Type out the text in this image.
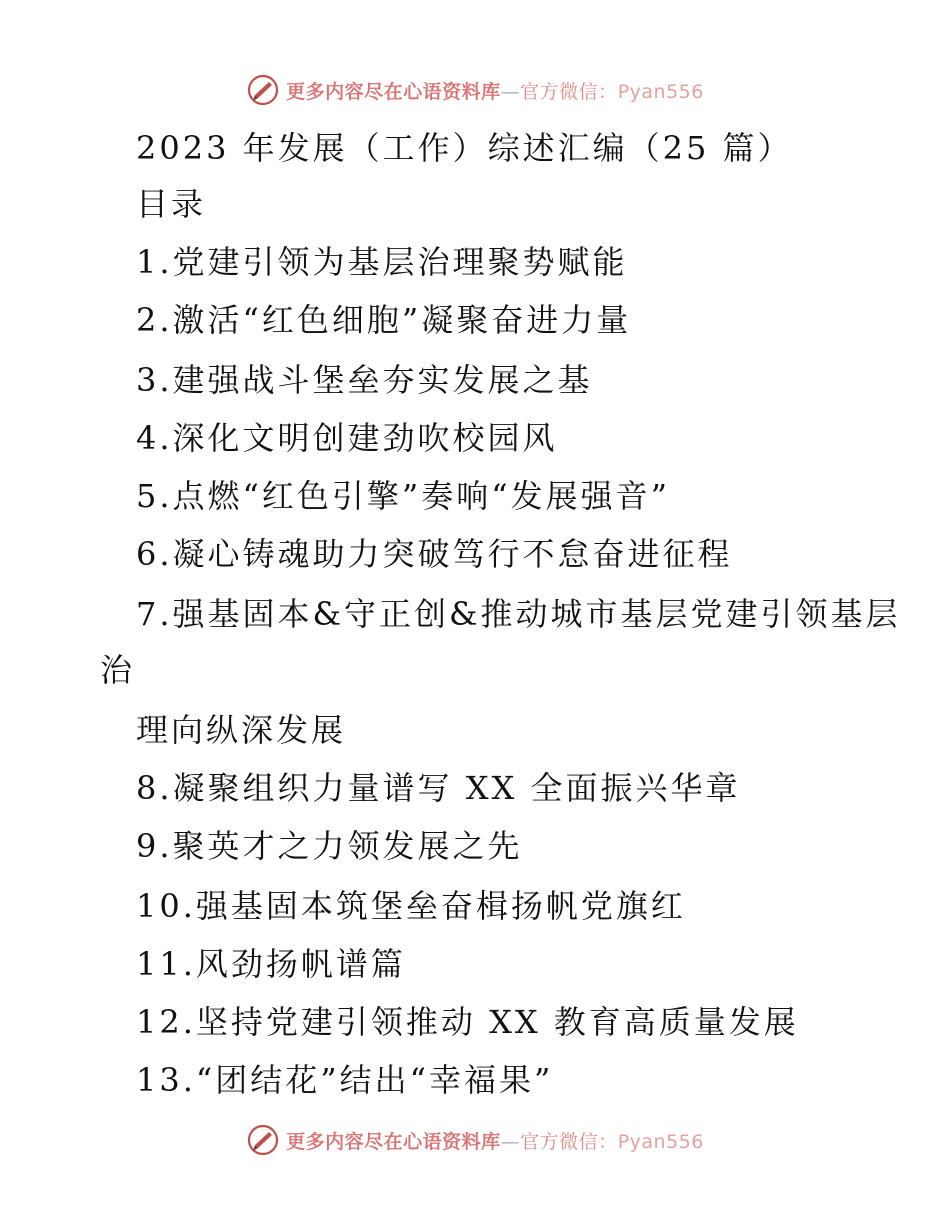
更多内容尽在心语资料库—官方微信：Pyan556
2023 年发展（工作）综述汇编（25 篇）
目录
1.党建引领为基层治理聚势赋能
2.激活“红色细胞”凝聚奋进力量
3.建强战斗堡垒夯实发展之基
4.深化文明创建劲吹校园风
5.点燃“红色引擎”奏响“发展强音”
6.凝心铸魂助力突破笃行不怠奋进征程
7.强基固本&守正创&推动城市基层党建引领基层
治
理向纵深发展
8.凝聚组织力量谱写 XX 全面振兴华章
9.聚英才之力领发展之先
10.强基固本筑堡垒奋楫扬帆党旗红
11.风劲扬帆谱篇
12.坚持党建引领推动 XX 教育高质量发展
13.“团结花”结出“幸福果”
更多内容尽在心语资料库—官方微信：Pyan556
